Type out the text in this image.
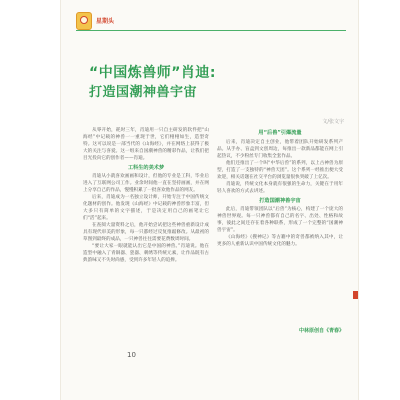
星期头
“中国炼兽师”肖迪:
打造国潮神兽宇宙
文/张文宇

从零开始，耗时三年，肖迪用一只自主研发的软件把“山海经”中记载的神兽一一重现于世，它们栩栩如生，造型奇特。这可以说是一部当代的《山海经》，并在网络上获得了极大的关注与喜爱。这一组来自国潮神兽的精彩作品，让我们把目光投向它的创作者——肖迪。

工科生的美术梦

肖迪从小就喜欢画画和设计，但他的专业是工科，毕业后进入了互联网公司工作。业余时间他一直在坚持画画，并在网上分享自己的作品，慢慢积累了一批喜欢他作品的网友。

后来，肖迪成为一名独立设计师，开始专注于中国传统文化题材的创作。他发现《山海经》中记载的神兽形象丰富，但大多只有简单的文字描述，于是决定用自己的画笔让它们“活”起来。

在查阅大量资料之后，他开始尝试把这些神兽重新设计成具有现代审美的形象，每一只都经过反复推敲修改。从最初的草图到最终的成品，一只神兽往往需要花费数周时间。

“要让大家一眼就能认出它是中国的神兽。”肖迪说。他在造型中融入了青铜器、瓷器、刺绣等传统元素，让作品既有古典韵味又不失时尚感，受到许多年轻人的追捧。

用“后兽”引爆流量

后来，肖迪决定自主创业，他带着团队开始研发系列产品。从手办、盲盒到文创周边，每推出一款新品都能在网上引起热议，不少粉丝专门收集全套作品。

他们还推出了一个叫“中华后兽”的系列，以上古神兽为原型，打造了一支独特的“神兽天团”。这个系列一经推出便大受欢迎，相关话题在社交平台的浏览量很快突破了上亿次。

肖迪说，传统文化本身就有很强的生命力，关键在于用年轻人喜欢的方式去讲述。

打造国潮神兽宇宙

此后，肖迪带领团队以“后兽”为核心，构建了一个庞大的神兽世界观。每一只神兽都有自己的名字、出处、性格和故事，彼此之间还存在着各种联系，形成了一个完整的“国潮神兽宇宙”。

《山海经》《搜神记》等古籍中的奇兽都被纳入其中，让更多的人重新认识中国传统文化的魅力。

中林原创自《青春》
10
